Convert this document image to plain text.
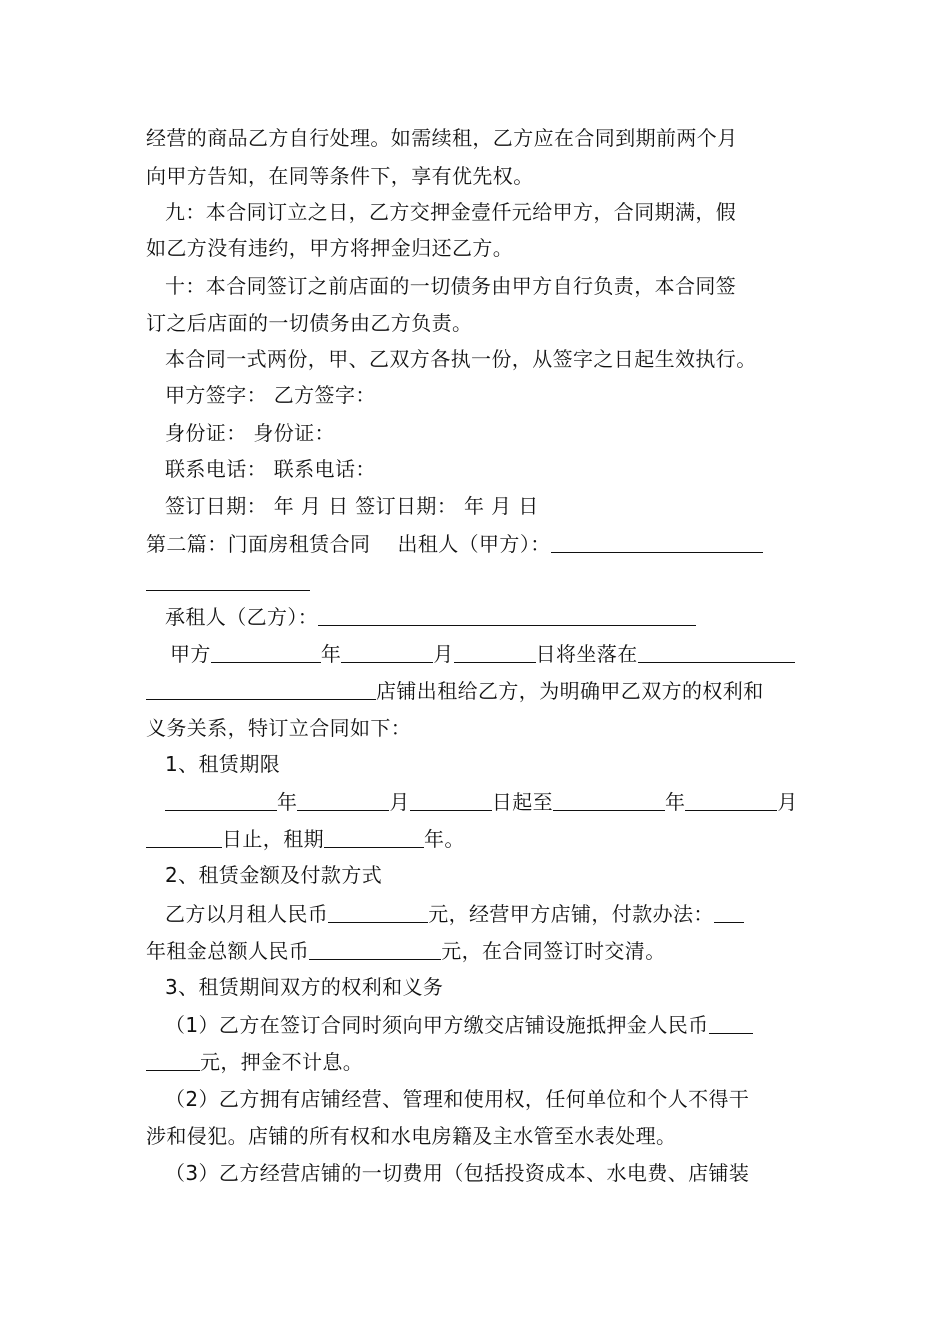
经营的商品乙方自行处理。如需续租，乙方应在合同到期前两个月
向甲方告知，在同等条件下，享有优先权。
九：本合同订立之日，乙方交押金壹仟元给甲方，合同期满，假
如乙方没有违约，甲方将押金归还乙方。
十：本合同签订之前店面的一切债务由甲方自行负责，本合同签
订之后店面的一切债务由乙方负责。
本合同一式两份，甲、乙双方各执一份，从签字之日起生效执行。
甲方签字： 乙方签字：
身份证： 身份证：
联系电话： 联系电话：
签订日期： 年 月 日 签订日期： 年 月 日
第二篇：门面房租赁合同 出租人（甲方）：
承租人（乙方）：
甲方	年	月	日将坐落在
店铺出租给乙方，为明确甲乙双方的权利和
义务关系，特订立合同如下：
1、租赁期限
年	月	日起至	年	月
日止，租期	年。
2、租赁金额及付款方式
乙方以月租人民币	元，经营甲方店铺，付款办法：
年租金总额人民币	元，在合同签订时交清。
3、租赁期间双方的权利和义务
（1）乙方在签订合同时须向甲方缴交店铺设施抵押金人民币
元，押金不计息。
（2）乙方拥有店铺经营、管理和使用权，任何单位和个人不得干
涉和侵犯。店铺的所有权和水电房籍及主水管至水表处理。
（3）乙方经营店铺的一切费用（包括投资成本、水电费、店铺装
